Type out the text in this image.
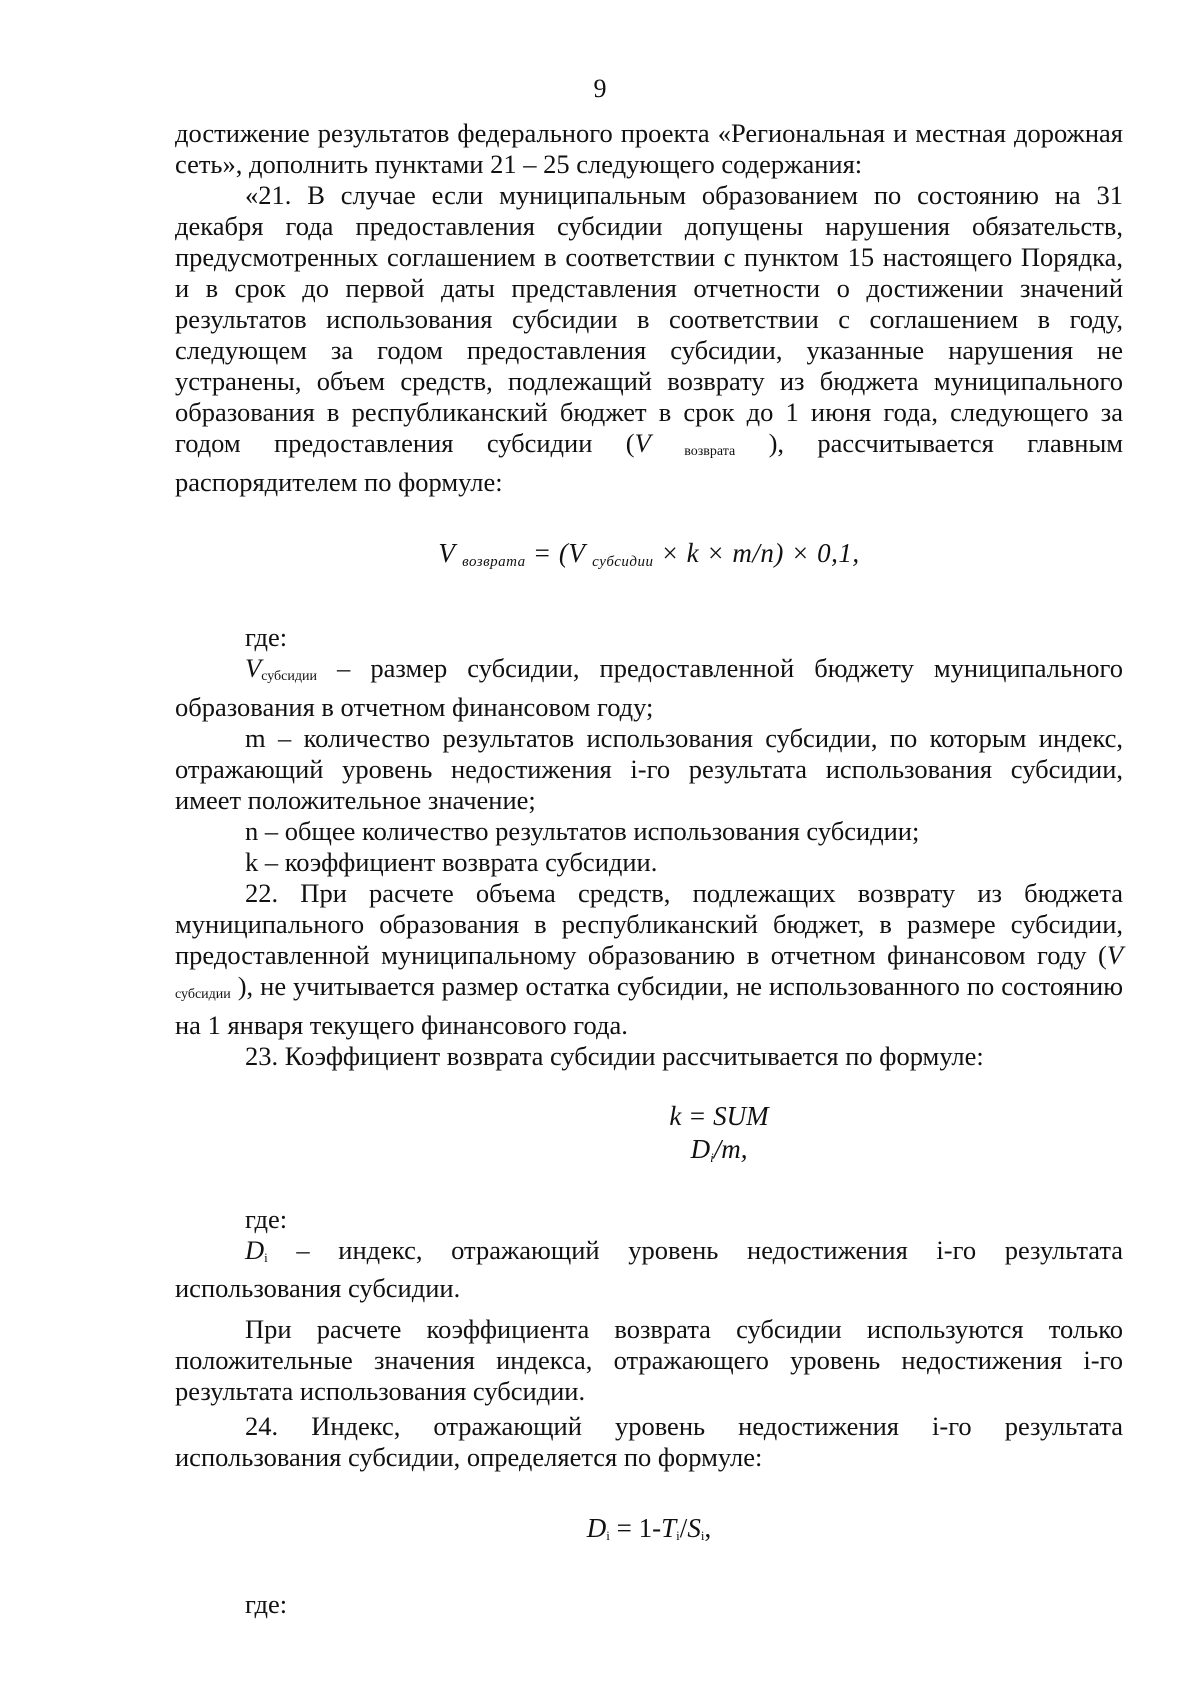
9

достижение результатов федерального проекта «Региональная и местная дорожная сеть», дополнить пунктами 21 – 25 следующего содержания:

«21. В случае если муниципальным образованием по состоянию на 31 декабря года предоставления субсидии допущены нарушения обязательств, предусмотренных соглашением в соответствии с пунктом 15 настоящего Порядка, и в срок до первой даты представления отчетности о достижении значений результатов использования субсидии в соответствии с соглашением в году, следующем за годом предоставления субсидии, указанные нарушения не устранены, объем средств, подлежащий возврату из бюджета муниципального образования в республиканский бюджет в срок до 1 июня года, следующего за годом предоставления субсидии (V $_{возврата}$ ), рассчитывается главным распорядителем по формуле:

V $_{возврата}$ = (V $_{субсидии}$ × k × m/n) × 0,1,

где:

$V_{субсидии}$ – размер субсидии, предоставленной бюджету муниципального образования в отчетном финансовом году;

m – количество результатов использования субсидии, по которым индекс, отражающий уровень недостижения i-го результата использования субсидии, имеет положительное значение;

n – общее количество результатов использования субсидии;

k – коэффициент возврата субсидии.

22. При расчете объема средств, подлежащих возврату из бюджета муниципального образования в республиканский бюджет, в размере субсидии, предоставленной муниципальному образованию в отчетном финансовом году (V $_{субсидии}$ ), не учитывается размер остатка субсидии, не использованного по состоянию на 1 января текущего финансового года.

23. Коэффициент возврата субсидии рассчитывается по формуле:

k = SUM
$D_i/m$,

где:

$D_i$ – индекс, отражающий уровень недостижения i-го результата использования субсидии.

При расчете коэффициента возврата субсидии используются только положительные значения индекса, отражающего уровень недостижения i-го результата использования субсидии.

24. Индекс, отражающий уровень недостижения i-го результата использования субсидии, определяется по формуле:

$D_i = 1-T_i/S_i$,

где:
